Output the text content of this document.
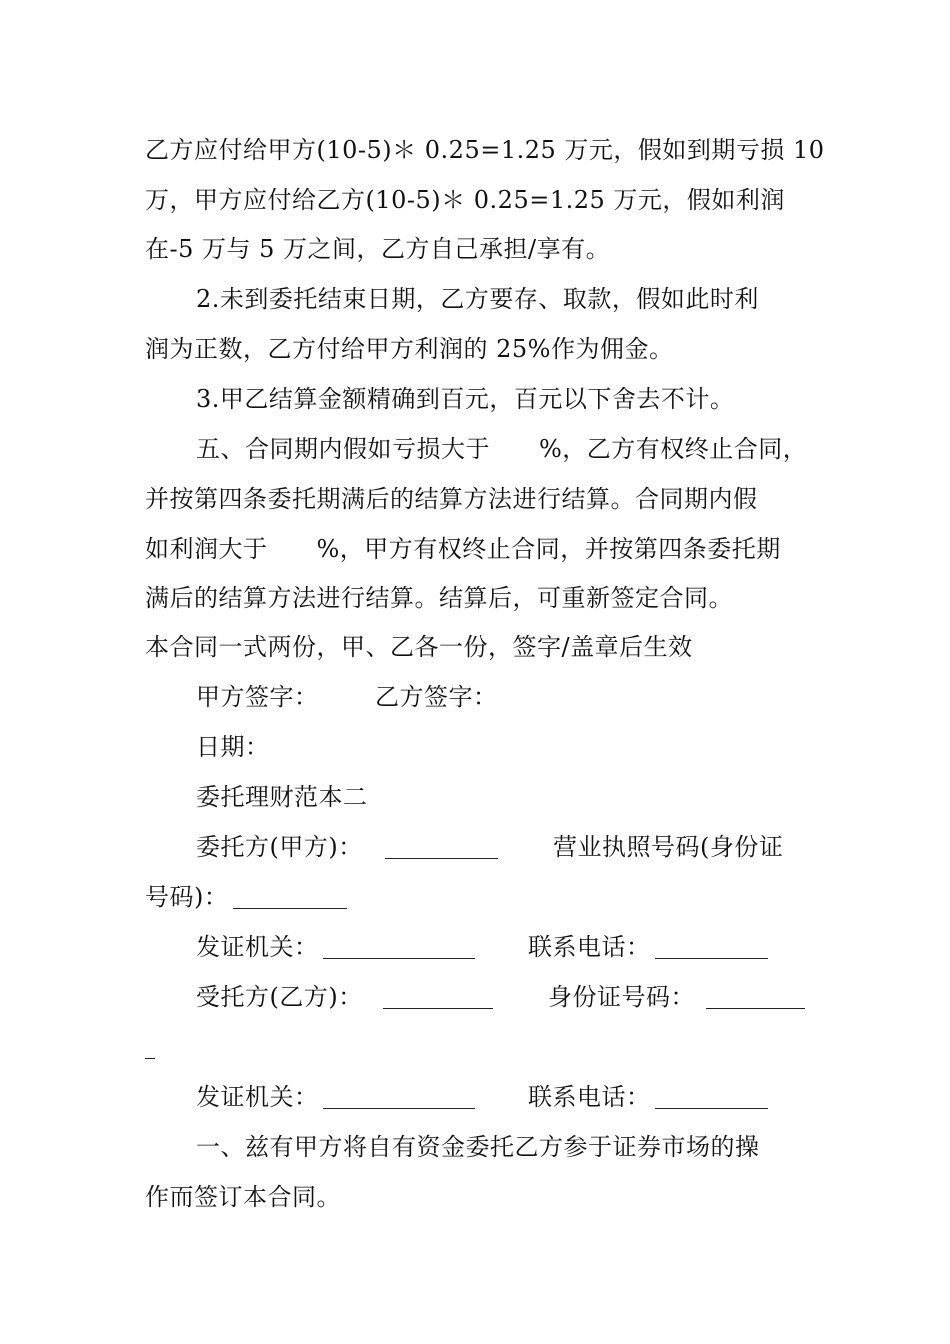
乙方应付给甲方(10-5)＊ 0.25=1.25 万元，假如到期亏损 10
万，甲方应付给乙方(10-5)＊ 0.25=1.25 万元，假如利润
在-5 万与 5 万之间，乙方自己承担/享有。
2.未到委托结束日期，乙方要存、取款，假如此时利
润为正数，乙方付给甲方利润的 25%作为佣金。
3.甲乙结算金额精确到百元，百元以下舍去不计。
五、合同期内假如亏损大于　　%，乙方有权终止合同，
并按第四条委托期满后的结算方法进行结算。合同期内假
如利润大于　　%，甲方有权终止合同，并按第四条委托期
满后的结算方法进行结算。结算后，可重新签定合同。
本合同一式两份，甲、乙各一份，签字/盖章后生效
甲方签字： 乙方签字：
日期：
委托理财范本二
委托方(甲方)：	营业执照号码(身份证
号码)：
发证机关：	联系电话：
受托方(乙方)：	身份证号码：
发证机关：	联系电话：
一、兹有甲方将自有资金委托乙方参于证券市场的操
作而签订本合同。
